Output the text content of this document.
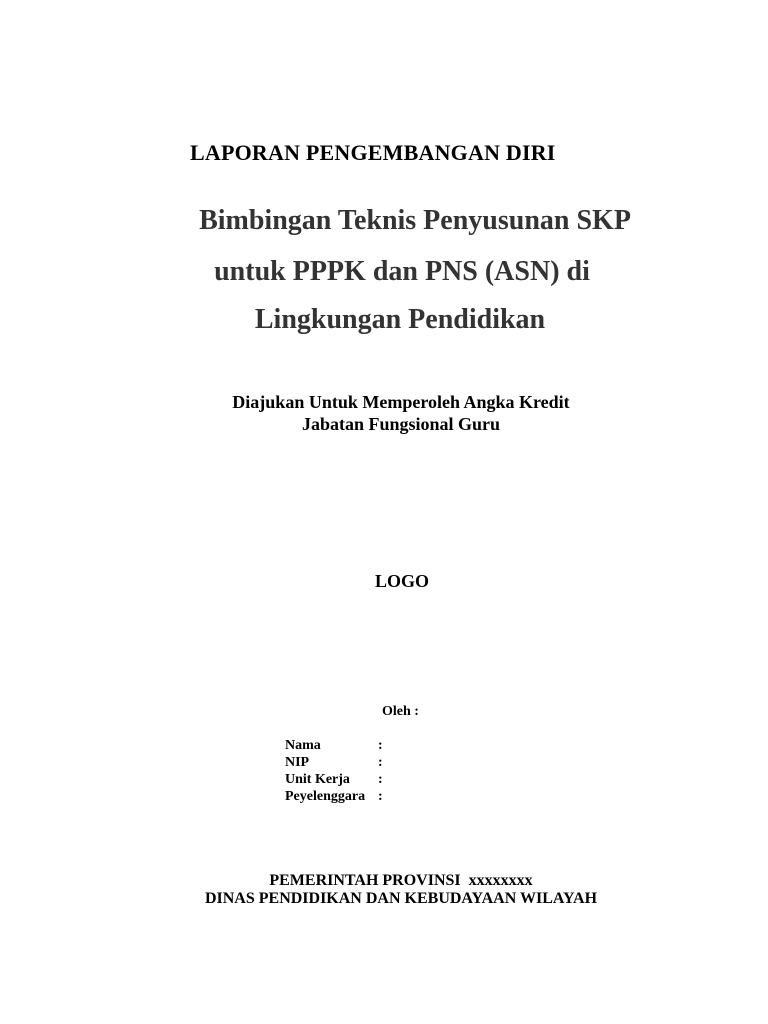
LAPORAN PENGEMBANGAN DIRI
Bimbingan Teknis Penyusunan SKP
untuk PPPK dan PNS (ASN) di
Lingkungan Pendidikan
Diajukan Untuk Memperoleh Angka Kredit
Jabatan Fungsional Guru
LOGO
Oleh :
Nama	:
NIP	:
Unit Kerja	:
Peyelenggara :
PEMERINTAH PROVINSI  xxxxxxxx
DINAS PENDIDIKAN DAN KEBUDAYAAN WILAYAH
